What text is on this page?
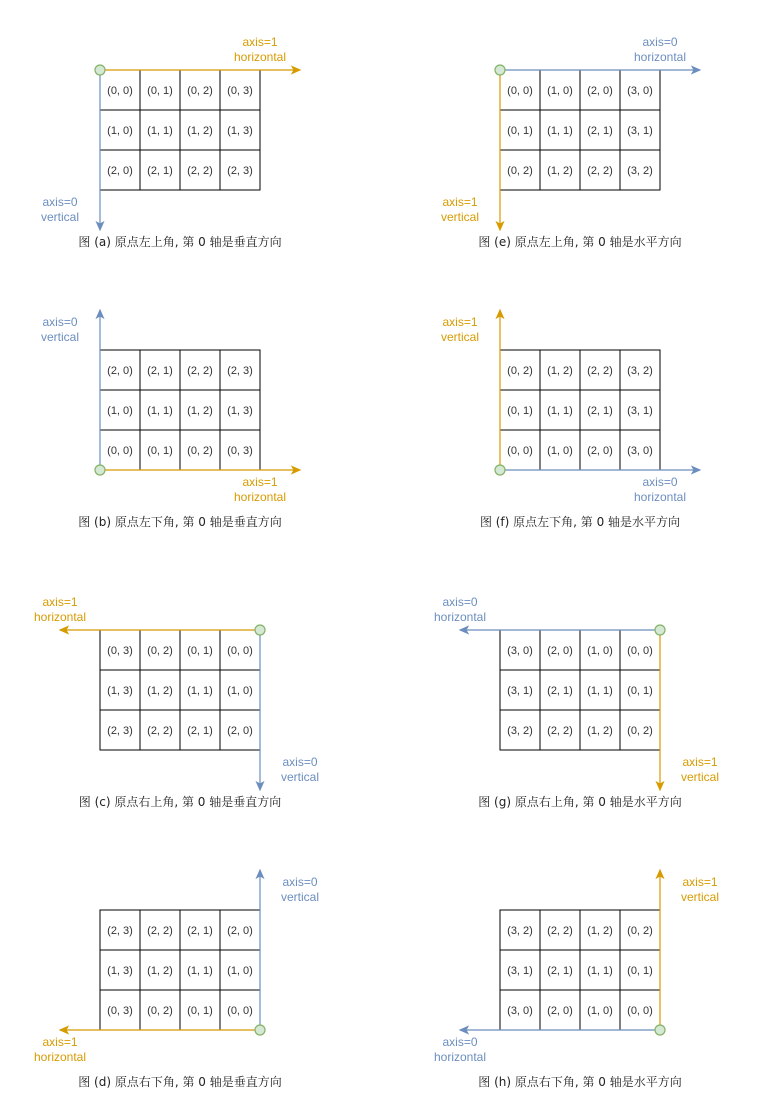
(0, 0) (0, 1) (0, 2) (0, 3)
(1, 0) (1, 1) (1, 2) (1, 3)
(2, 0) (2, 1) (2, 2) (2, 3)
axis=1 horizontal
axis=0 vertical
图 (a) 原点左上角, 第 0 轴是垂直方向
(0, 0) (1, 0) (2, 0) (3, 0)
(0, 1) (1, 1) (2, 1) (3, 1)
(0, 2) (1, 2) (2, 2) (3, 2)
axis=0 horizontal
axis=1 vertical
图 (e) 原点左上角, 第 0 轴是水平方向
(2, 0) (2, 1) (2, 2) (2, 3)
(1, 0) (1, 1) (1, 2) (1, 3)
(0, 0) (0, 1) (0, 2) (0, 3)
axis=1 horizontal
axis=0 vertical
图 (b) 原点左下角, 第 0 轴是垂直方向
(0, 2) (1, 2) (2, 2) (3, 2)
(0, 1) (1, 1) (2, 1) (3, 1)
(0, 0) (1, 0) (2, 0) (3, 0)
axis=0 horizontal
axis=1 vertical
图 (f) 原点左下角, 第 0 轴是水平方向
(0, 3) (0, 2) (0, 1) (0, 0)
(1, 3) (1, 2) (1, 1) (1, 0)
(2, 3) (2, 2) (2, 1) (2, 0)
axis=1 horizontal
axis=0 vertical
图 (c) 原点右上角, 第 0 轴是垂直方向
(3, 0) (2, 0) (1, 0) (0, 0)
(3, 1) (2, 1) (1, 1) (0, 1)
(3, 2) (2, 2) (1, 2) (0, 2)
axis=0 horizontal
axis=1 vertical
图 (g) 原点右上角, 第 0 轴是水平方向
(2, 3) (2, 2) (2, 1) (2, 0)
(1, 3) (1, 2) (1, 1) (1, 0)
(0, 3) (0, 2) (0, 1) (0, 0)
axis=1 horizontal
axis=0 vertical
图 (d) 原点右下角, 第 0 轴是垂直方向
(3, 2) (2, 2) (1, 2) (0, 2)
(3, 1) (2, 1) (1, 1) (0, 1)
(3, 0) (2, 0) (1, 0) (0, 0)
axis=0 horizontal
axis=1 vertical
图 (h) 原点右下角, 第 0 轴是水平方向
